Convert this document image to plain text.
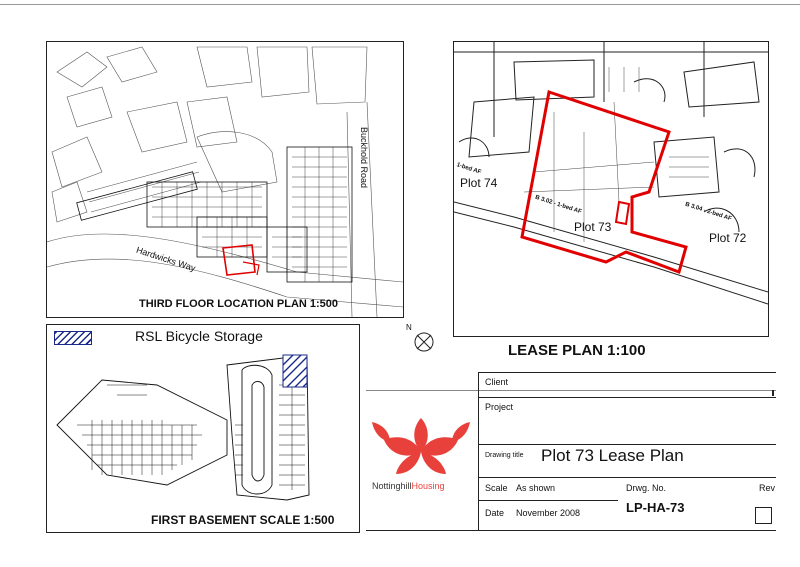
Buckhold Road
Hardwicks Way
THIRD FLOOR LOCATION PLAN 1:500
1-bed AF
Plot 74
B 3.02 - 1-bed AF
Plot 73
B 3.04 - 2-bed AF
Plot 72
LEASE PLAN 1:100
N
RSL Bicycle Storage
FIRST BASEMENT SCALE 1:500
NottinghillHousing
Client
Project
Drawing title Plot 73 Lease Plan
Scale As shown	Drwg. No.
LP-HA-73
Rev
Date November 2008
